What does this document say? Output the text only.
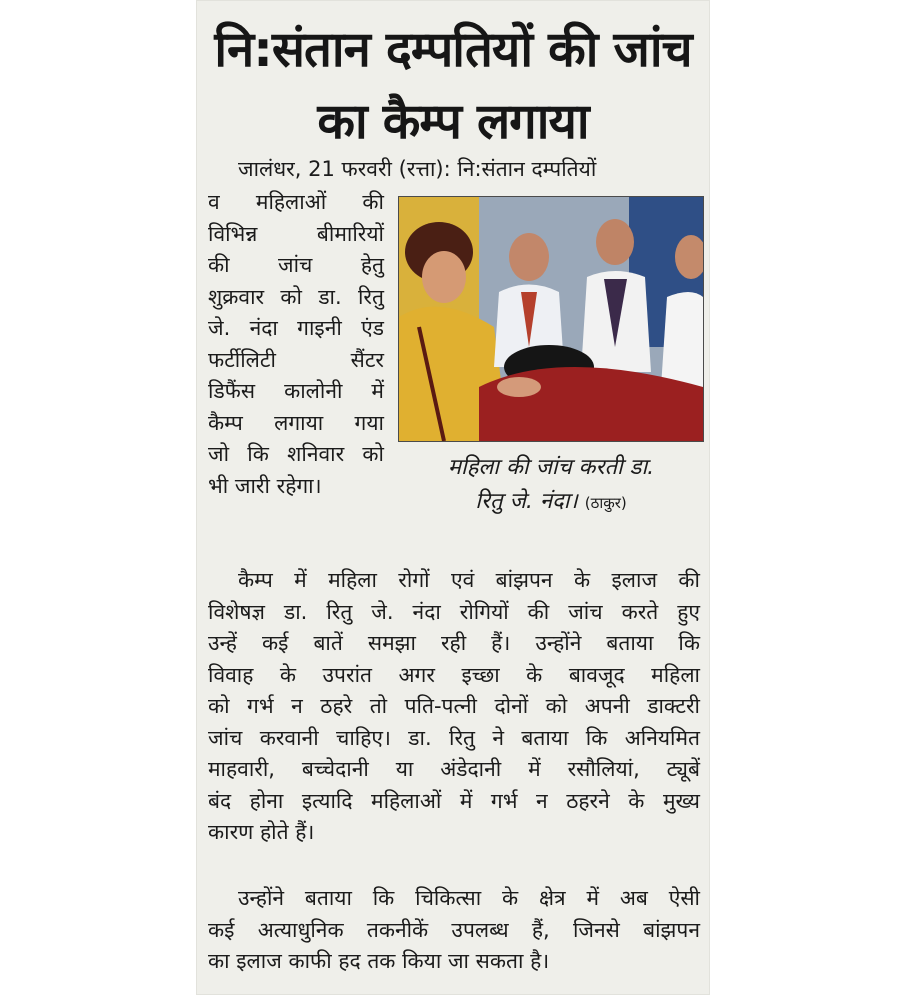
नि:संतान दम्पतियों की जांच
का कैम्प लगाया
जालंधर, 21 फरवरी (रत्ता): नि:संतान दम्पतियों
व महिलाओं की
विभिन्न बीमारियों
की जांच हेतु
शुक्रवार को डा. रितु
जे. नंदा गाइनी एंड
फर्टीलिटी सैंटर
डिफैंस कालोनी में
कैम्प लगाया गया
जो कि शनिवार को
भी जारी रहेगा।
महिला की जांच करती डा.
रितु जे. नंदा। (ठाकुर)
कैम्प में महिला रोगों एवं बांझपन के इलाज की
विशेषज्ञ डा. रितु जे. नंदा रोगियों की जांच करते हुए
उन्हें कई बातें समझा रही हैं। उन्होंने बताया कि
विवाह के उपरांत अगर इच्छा के बावजूद महिला
को गर्भ न ठहरे तो पति-पत्नी दोनों को अपनी डाक्टरी
जांच करवानी चाहिए। डा. रितु ने बताया कि अनियमित
माहवारी, बच्चेदानी या अंडेदानी में रसौलियां, ट्यूबें
बंद होना इत्यादि महिलाओं में गर्भ न ठहरने के मुख्य
कारण होते हैं।
उन्होंने बताया कि चिकित्सा के क्षेत्र में अब ऐसी
कई अत्याधुनिक तकनीकें उपलब्ध हैं, जिनसे बांझपन
का इलाज काफी हद तक किया जा सकता है।
